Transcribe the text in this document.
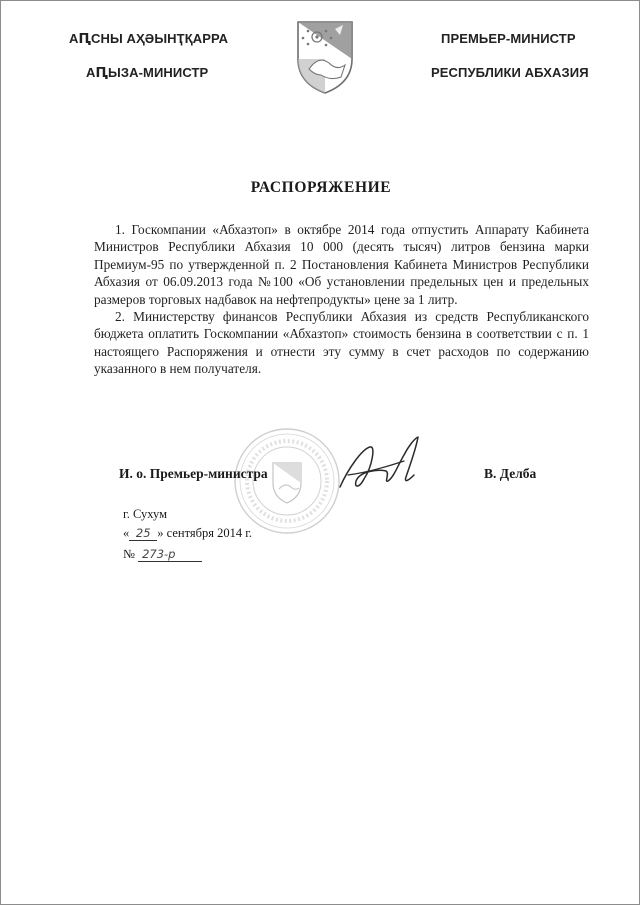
АԤСНЫ АҲӘЫНҬҚАРРА
АԤЫЗА-МИНИСТР
ПРЕМЬЕР-МИНИСТР
РЕСПУБЛИКИ АБХАЗИЯ
РАСПОРЯЖЕНИЕ

1. Госкомпании «Абхазтоп» в октябре 2014 года отпустить Аппарату Кабинета Министров Республики Абхазия 10 000 (десять тысяч) литров бензина марки Премиум-95 по утвержденной п. 2 Постановления Кабинета Министров Республики Абхазия от 06.09.2013 года №100 «Об установлении предельных цен и предельных размеров торговых надбавок на нефтепродукты» цене за 1 литр.

2. Министерству финансов Республики Абхазия из средств Республиканского бюджета оплатить Госкомпании «Абхазтоп» стоимость бензина в соответствии с п. 1 настоящего Распоряжения и отнести эту сумму в счет расходов по содержанию указанного в нем получателя.

И. о. Премьер-министра	В. Делба
г. Сухум
« 25 » сентября 2014 г.
№ 273-р
